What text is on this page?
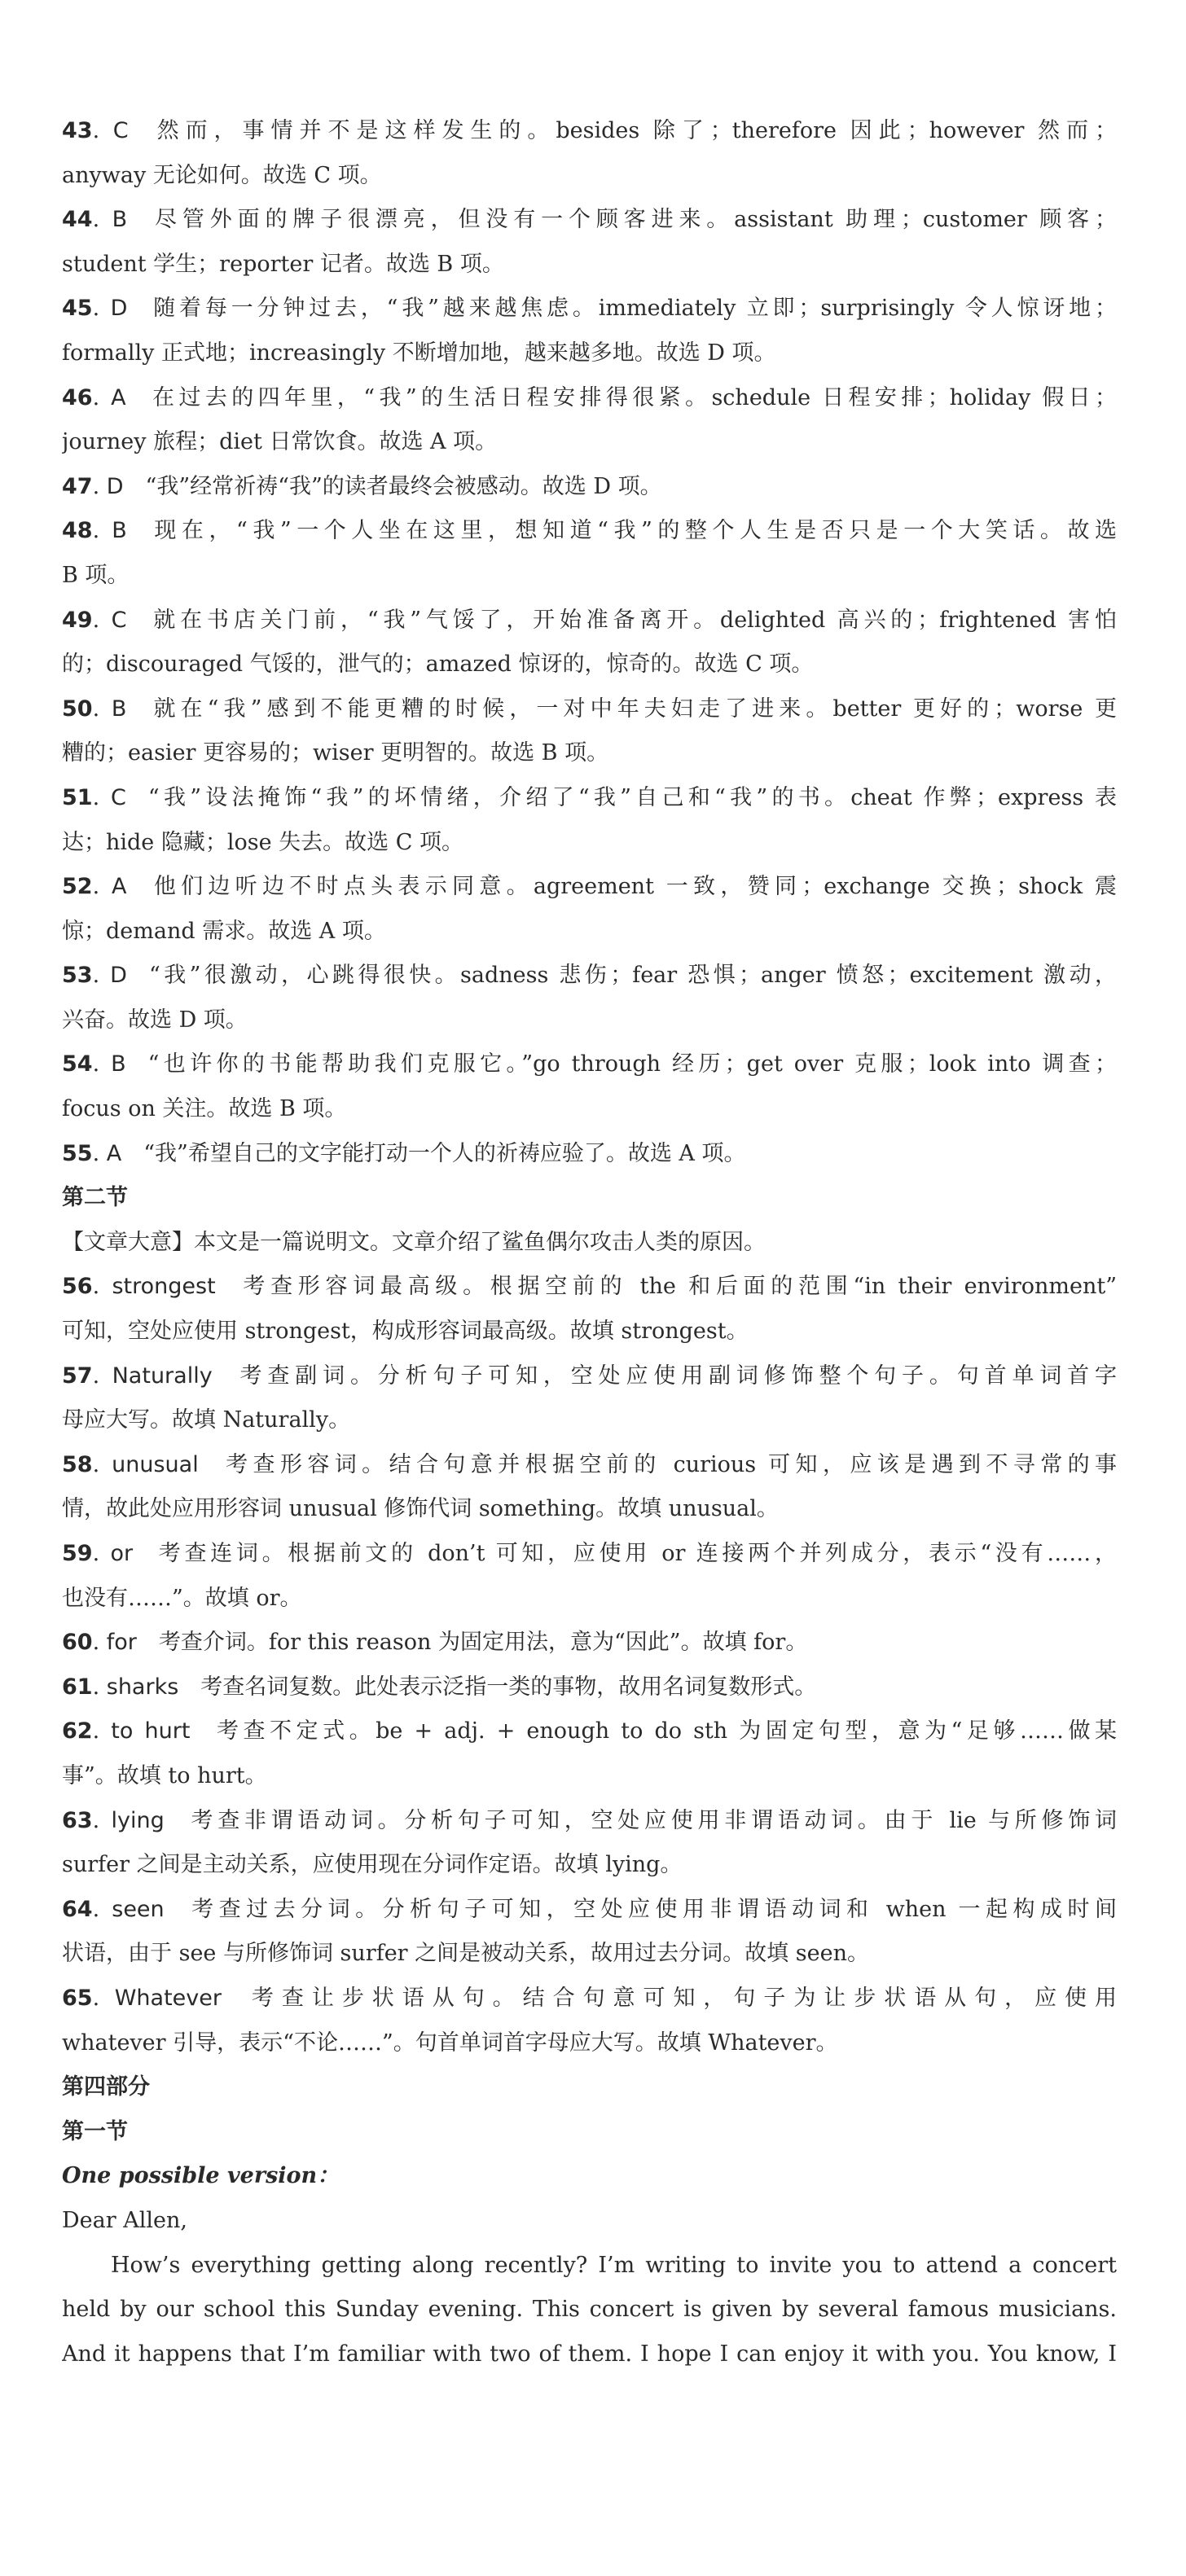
43. C  然而，事情并不是这样发生的。besides 除了；therefore 因此；however 然而；
anyway 无论如何。故选 C 项。
44. B  尽管外面的牌子很漂亮，但没有一个顾客进来。assistant 助理；customer 顾客；
student 学生；reporter 记者。故选 B 项。
45. D  随着每一分钟过去，“我”越来越焦虑。immediately 立即；surprisingly 令人惊讶地；
formally 正式地；increasingly 不断增加地，越来越多地。故选 D 项。
46. A  在过去的四年里，“我”的生活日程安排得很紧。schedule 日程安排；holiday 假日；
journey 旅程；diet 日常饮食。故选 A 项。
47. D  “我”经常祈祷“我”的读者最终会被感动。故选 D 项。
48. B  现在，“我”一个人坐在这里，想知道“我”的整个人生是否只是一个大笑话。故选
B 项。
49. C  就在书店关门前，“我”气馁了，开始准备离开。delighted 高兴的；frightened 害怕
的；discouraged 气馁的，泄气的；amazed 惊讶的，惊奇的。故选 C 项。
50. B  就在“我”感到不能更糟的时候，一对中年夫妇走了进来。better 更好的；worse 更
糟的；easier 更容易的；wiser 更明智的。故选 B 项。
51. C  “我”设法掩饰“我”的坏情绪，介绍了“我”自己和“我”的书。cheat 作弊；express 表
达；hide 隐藏；lose 失去。故选 C 项。
52. A  他们边听边不时点头表示同意。agreement 一致，赞同；exchange 交换；shock 震
惊；demand 需求。故选 A 项。
53. D  “我”很激动，心跳得很快。sadness 悲伤；fear 恐惧；anger 愤怒；excitement 激动，
兴奋。故选 D 项。
54. B  “也许你的书能帮助我们克服它。”go through 经历；get over 克服；look into 调查；
focus on 关注。故选 B 项。
55. A  “我”希望自己的文字能打动一个人的祈祷应验了。故选 A 项。
第二节
【文章大意】本文是一篇说明文。文章介绍了鲨鱼偶尔攻击人类的原因。
56. strongest  考查形容词最高级。根据空前的 the 和后面的范围“in their environment”
可知，空处应使用 strongest，构成形容词最高级。故填 strongest。
57. Naturally  考查副词。分析句子可知，空处应使用副词修饰整个句子。句首单词首字
母应大写。故填 Naturally。
58. unusual  考查形容词。结合句意并根据空前的 curious 可知，应该是遇到不寻常的事
情，故此处应用形容词 unusual 修饰代词 something。故填 unusual。
59. or  考查连词。根据前文的 don’t 可知，应使用 or 连接两个并列成分，表示“没有……，
也没有……”。故填 or。
60. for  考查介词。for this reason 为固定用法，意为“因此”。故填 for。
61. sharks  考查名词复数。此处表示泛指一类的事物，故用名词复数形式。
62. to hurt  考查不定式。be + adj. + enough to do sth 为固定句型，意为“足够……做某
事”。故填 to hurt。
63. lying  考查非谓语动词。分析句子可知，空处应使用非谓语动词。由于 lie 与所修饰词
surfer 之间是主动关系，应使用现在分词作定语。故填 lying。
64. seen  考查过去分词。分析句子可知，空处应使用非谓语动词和 when 一起构成时间
状语，由于 see 与所修饰词 surfer 之间是被动关系，故用过去分词。故填 seen。
65. Whatever  考查让步状语从句。结合句意可知，句子为让步状语从句，应使用
whatever 引导，表示“不论……”。句首单词首字母应大写。故填 Whatever。
第四部分
第一节
One possible version：
Dear Allen,
How’s everything getting along recently? I’m writing to invite you to attend a concert
held by our school this Sunday evening. This concert is given by several famous musicians.
And it happens that I’m familiar with two of them. I hope I can enjoy it with you. You know, I
